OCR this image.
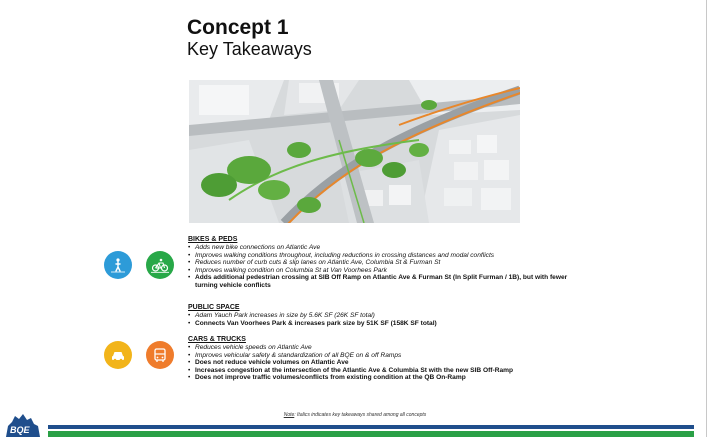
Concept 1
Key Takeaways
BIKES & PEDS
• Adds new bike connections on Atlantic Ave
• Improves walking conditions throughout, including reductions in crossing distances and modal conflicts
• Reduces number of curb cuts & slip lanes on Atlantic Ave, Columbia St & Furman St
• Improves walking condition on Columbia St at Van Voorhees Park
• Adds additional pedestrian crossing at SIB Off Ramp on Atlantic Ave & Furman St (In Split Furman / 1B), but with fewer turning vehicle conflicts
PUBLIC SPACE
• Adam Yauch Park increases in size by 5.6K SF (26K SF total)
• Connects Van Voorhees Park & increases park size by 51K SF (158K SF total)
CARS & TRUCKS
• Reduces vehicle speeds on Atlantic Ave
• Improves vehicular safety & standardization of all BQE on & off Ramps
• Does not reduce vehicle volumes on Atlantic Ave
• Increases congestion at the intersection of the Atlantic Ave & Columbia St with the new SIB Off-Ramp
• Does not improve traffic volumes/conflicts from existing condition at the QB On-Ramp
Note: Italics indicates key takeaways shared among all concepts
BQE
